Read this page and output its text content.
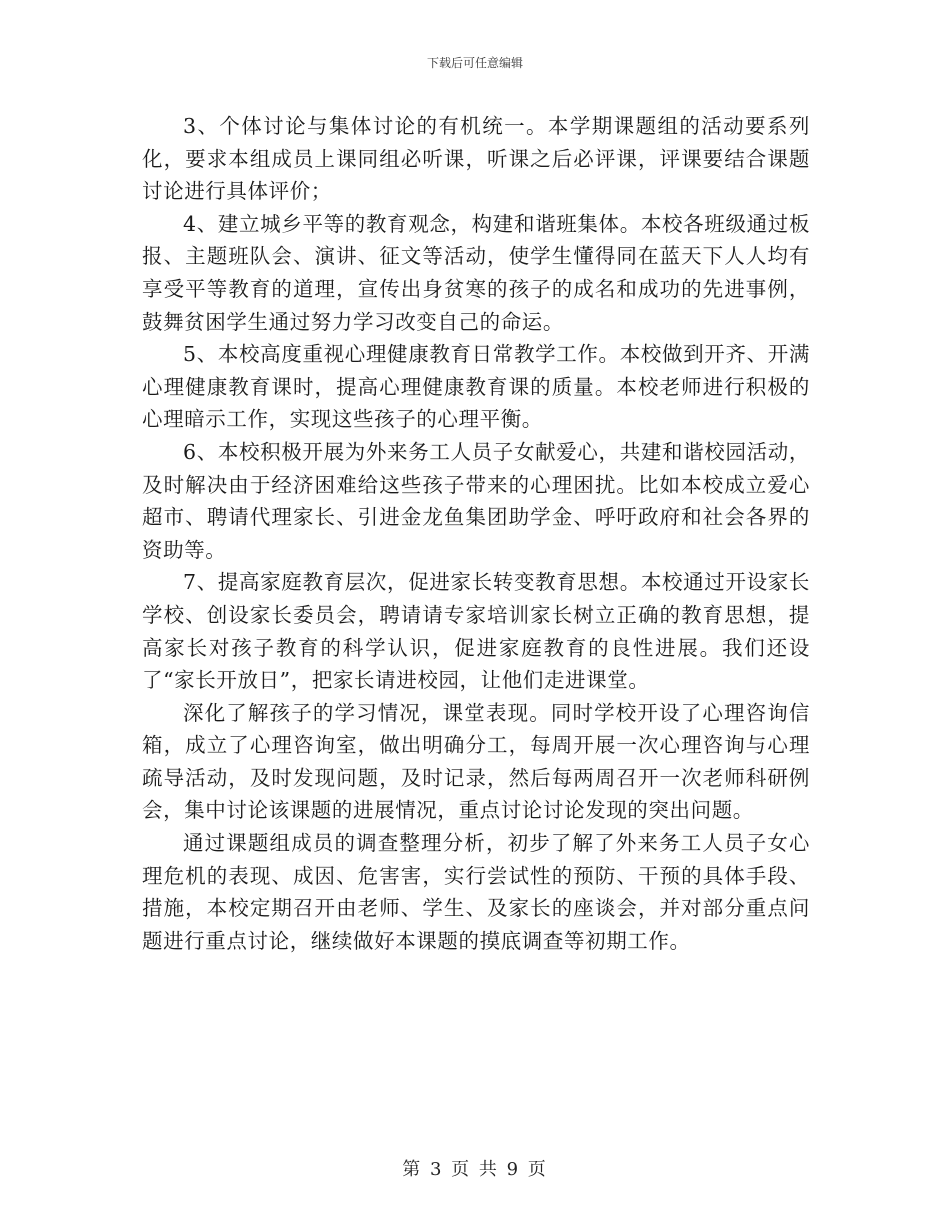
下载后可任意编辑

3、个体讨论与集体讨论的有机统一。本学期课题组的活动要系列化，要求本组成员上课同组必听课，听课之后必评课，评课要结合课题讨论进行具体评价；

4、建立城乡平等的教育观念，构建和谐班集体。本校各班级通过板报、主题班队会、演讲、征文等活动，使学生懂得同在蓝天下人人均有享受平等教育的道理，宣传出身贫寒的孩子的成名和成功的先进事例，鼓舞贫困学生通过努力学习改变自己的命运。

5、本校高度重视心理健康教育日常教学工作。本校做到开齐、开满心理健康教育课时，提高心理健康教育课的质量。本校老师进行积极的心理暗示工作，实现这些孩子的心理平衡。

6、本校积极开展为外来务工人员子女献爱心，共建和谐校园活动，及时解决由于经济困难给这些孩子带来的心理困扰。比如本校成立爱心超市、聘请代理家长、引进金龙鱼集团助学金、呼吁政府和社会各界的资助等。

7、提高家庭教育层次，促进家长转变教育思想。本校通过开设家长学校、创设家长委员会，聘请请专家培训家长树立正确的教育思想，提高家长对孩子教育的科学认识，促进家庭教育的良性进展。我们还设了“家长开放日”，把家长请进校园，让他们走进课堂。

深化了解孩子的学习情况，课堂表现。同时学校开设了心理咨询信箱，成立了心理咨询室，做出明确分工，每周开展一次心理咨询与心理疏导活动，及时发现问题，及时记录，然后每两周召开一次老师科研例会，集中讨论该课题的进展情况，重点讨论讨论发现的突出问题。

通过课题组成员的调查整理分析，初步了解了外来务工人员子女心理危机的表现、成因、危害害，实行尝试性的预防、干预的具体手段、措施，本校定期召开由老师、学生、及家长的座谈会，并对部分重点问题进行重点讨论，继续做好本课题的摸底调查等初期工作。

第 3 页 共 9 页
